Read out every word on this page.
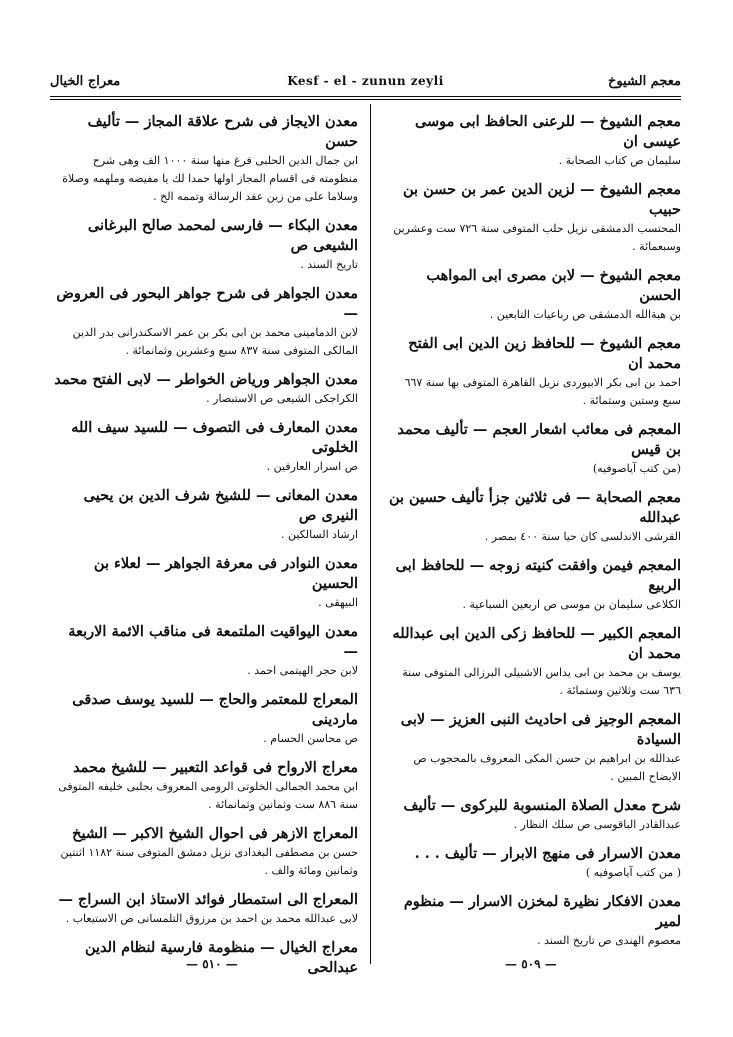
معجم الشيوخ
Kesf - el - zunun zeyli
معراج الخيال
معجم الشيوخ — للرعنى الحافظ ابى موسى عيسى ان
سليمان ص كتاب الصحابة .
معجم الشيوخ — لزين الدين عمر بن حسن بن حبيب
المحتسب الدمشقى نزيل حلب المتوفى سنة ٧٢٦ ست وعشرين وسبعمائة .
معجم الشيوخ — لابن مصرى ابى المواهب الحسن
بن هبةالله الدمشقى ص رباعيات التابعين .
معجم الشيوخ — للحافظ زين الدين ابى الفتح محمد ان
احمد بن ابى بكر الابيوردى نزيل القاهرة المتوفى بها سنة ٦٦٧ سبع وستين وستمائة .
المعجم فى معائب اشعار العجم — تأليف محمد بن قيس
(من كتب آياصوفيه)
معجم الصحابة — فى ثلاثين جزأ تأليف حسين بن عبدالله
القرشى الاندلسى كان حيا سنة ٤٠٠ بمصر .
المعجم فيمن وافقت كنيته زوجه — للحافظ ابى الربيع
الكلاعى سليمان بن موسى ص اربعين السباعية .
المعجم الكبير — للحافظ زكى الدين ابى عبدالله محمد ان
يوسف بن محمد بن ابى يداس الاشبيلى البرزالى المتوفى سنة ٦٣٦ ست وثلاثين وستمائة .
المعجم الوجيز فى احاديث النبى العزيز — لابى السيادة
عبدالله بن ابراهيم بن حسن المكى المعروف بالمحجوب ص الايضاح المبين .
شرح معدل الصلاة المنسوبة للبركوى — تأليف
عبدالقادر الباقوسى ص سلك النظار .
معدن الاسرار فى منهج الابرار — تأليف . . .
( من كتب آياصوفيه )
معدن الافكار نظيرة لمخزن الاسرار — منظوم لمير
معصوم الهندى ص تاريخ السند .
معدن الايجاز فى شرح علاقة المجاز — تأليف حسن
ابن جمال الدين الحلبى فرغ منها سنة ١٠٠٠ الف وهى شرح منظومته فى اقسام المجاز اولها حمدا لك يا مفيضه وملهمه وصلاة وسلاما على من زين عقد الرسالة وتممه الخ .
معدن البكاء — فارسى لمحمد صالح البرغانى الشيعى ص
تاريخ السند .
معدن الجواهر فى شرح جواهر البحور فى العروض —
لابن الدمامينى محمد بن ابى بكر بن عمر الاسكندرانى بدر الدين المالكى المتوفى سنة ٨٣٧ سبع وعشرين وثمانمائة .
معدن الجواهر ورياض الخواطر — لابى الفتح محمد
الكراجكى الشيعى ص الاستبصار .
معدن المعارف فى التصوف — للسيد سيف الله الخلوتى
ص اسرار العارفين .
معدن المعانى — للشيخ شرف الدين بن يحيى النيرى ص
ارشاد السالكين .
معدن النوادر فى معرفة الجواهر — لعلاء بن الحسين
البيهقى .
معدن اليواقيت الملتمعة فى مناقب الائمة الاربعة —
لابن حجر الهيتمى احمد .
المعراج للمعتمر والحاج — للسيد يوسف صدقى ماردينى
ص محاسن الحسام .
معراج الارواح فى قواعد التعبير — للشيخ محمد
ابن محمد الجمالى الخلوتى الرومى المعروف بجلبى خليفه المتوفى سنة ٨٨٦ ست وثمانين وثمانمائة .
المعراج الازهر فى احوال الشيخ الاكبر — الشيخ
حسن بن مصطفى البغدادى نزيل دمشق المتوفى سنة ١١٨٢ اثنتين وثمانين ومائة والف .
المعراج الى استمطار فوائد الاستاذ ابن السراج —
لابى عبدالله محمد بن احمد بن مرزوق التلمسانى ص الاستيعاب .
معراج الخيال — منظومة فارسية لنظام الدين عبدالحى	— ٥٠٩ —
— ٥١٠ —
